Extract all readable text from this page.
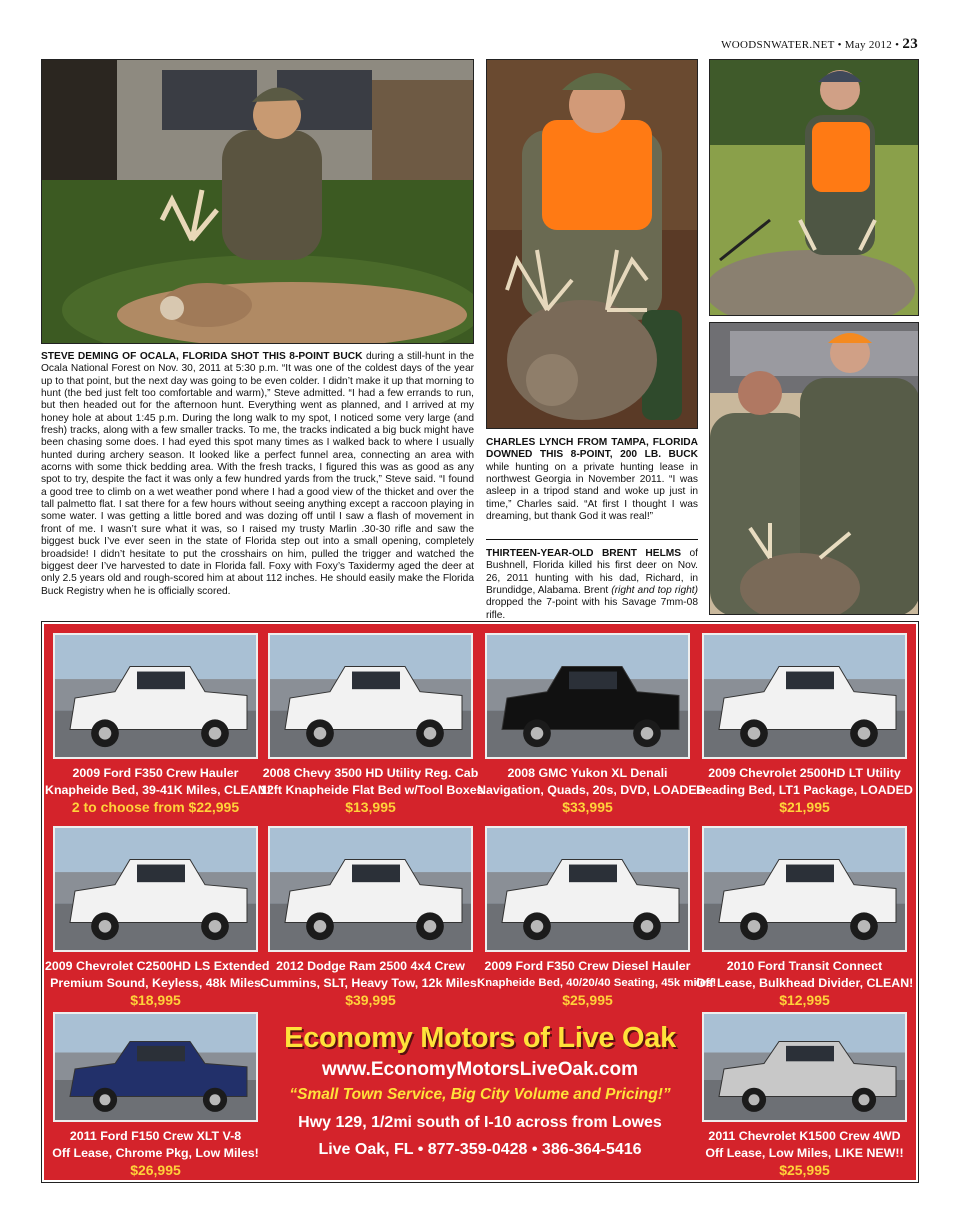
WOODSNWATER.NET • May 2012 • 23
STEVE DEMING OF OCALA, FLORIDA SHOT THIS 8-POINT BUCK during a still-hunt in the Ocala National Forest on Nov. 30, 2011 at 5:30 p.m. “It was one of the coldest days of the year up to that point, but the next day was going to be even colder. I didn’t make it up that morning to hunt (the bed just felt too comfortable and warm),” Steve admitted. “I had a few errands to run, but then headed out for the afternoon hunt. Everything went as planned, and I arrived at my honey hole at about 1:45 p.m. During the long walk to my spot, I noticed some very large (and fresh) tracks, along with a few smaller tracks. To me, the tracks indicated a big buck might have been chasing some does. I had eyed this spot many times as I walked back to where I usually hunted during archery season. It looked like a perfect funnel area, connecting an area with acorns with some thick bedding area. With the fresh tracks, I figured this was as good as any spot to try, despite the fact it was only a few hundred yards from the truck,” Steve said. “I found a good tree to climb on a wet weather pond where I had a good view of the thicket and over the tall palmetto flat. I sat there for a few hours without seeing anything except a raccoon playing in some water. I was getting a little bored and was dozing off until I saw a flash of movement in front of me. I wasn’t sure what it was, so I raised my trusty Marlin .30-30 rifle and saw the biggest buck I’ve ever seen in the state of Florida step out into a small opening, completely broadside! I didn’t hesitate to put the crosshairs on him, pulled the trigger and watched the biggest deer I’ve harvested to date in Florida fall. Foxy with Foxy’s Taxidermy aged the deer at only 2.5 years old and rough-scored him at about 112 inches. He should easily make the Florida Buck Registry when he is officially scored.
CHARLES LYNCH FROM TAMPA, FLORIDA DOWNED THIS 8-POINT, 200 LB. BUCK while hunting on a private hunting lease in northwest Georgia in November 2011. “I was asleep in a tripod stand and woke up just in time,” Charles said. “At first I thought I was dreaming, but thank God it was real!”
THIRTEEN-YEAR-OLD BRENT HELMS of Bushnell, Florida killed his first deer on Nov. 26, 2011 hunting with his dad, Richard, in Brundidge, Alabama. Brent (right and top right) dropped the 7-point with his Savage 7mm-08 rifle.
2009 Ford F350 Crew Hauler
Knapheide Bed, 39-41K Miles, CLEAN!
2 to choose from $22,995
2008 Chevy 3500 HD Utility Reg. Cab
12ft Knapheide Flat Bed w/Tool Boxes
$13,995
2008 GMC Yukon XL Denali
Navigation, Quads, 20s, DVD, LOADED
$33,995
2009 Chevrolet 2500HD LT Utility
Reading Bed, LT1 Package, LOADED
$21,995
2009 Chevrolet C2500HD LS Extended
Premium Sound, Keyless, 48k Miles
$18,995
2012 Dodge Ram 2500 4x4 Crew
Cummins, SLT, Heavy Tow, 12k Miles!
$39,995
2009 Ford F350 Crew Diesel Hauler
Knapheide Bed, 40/20/40 Seating, 45k miles!
$25,995
2010 Ford Transit Connect
Off Lease, Bulkhead Divider, CLEAN!
$12,995
2011 Ford F150 Crew XLT V-8
Off Lease, Chrome Pkg, Low Miles!
$26,995
2011 Chevrolet K1500 Crew 4WD
Off Lease, Low Miles, LIKE NEW!!
$25,995
Economy Motors of Live Oak
www.EconomyMotorsLiveOak.com
“Small Town Service, Big City Volume and Pricing!”
Hwy 129, 1/2mi south of I-10 across from Lowes
Live Oak, FL • 877-359-0428 • 386-364-5416
